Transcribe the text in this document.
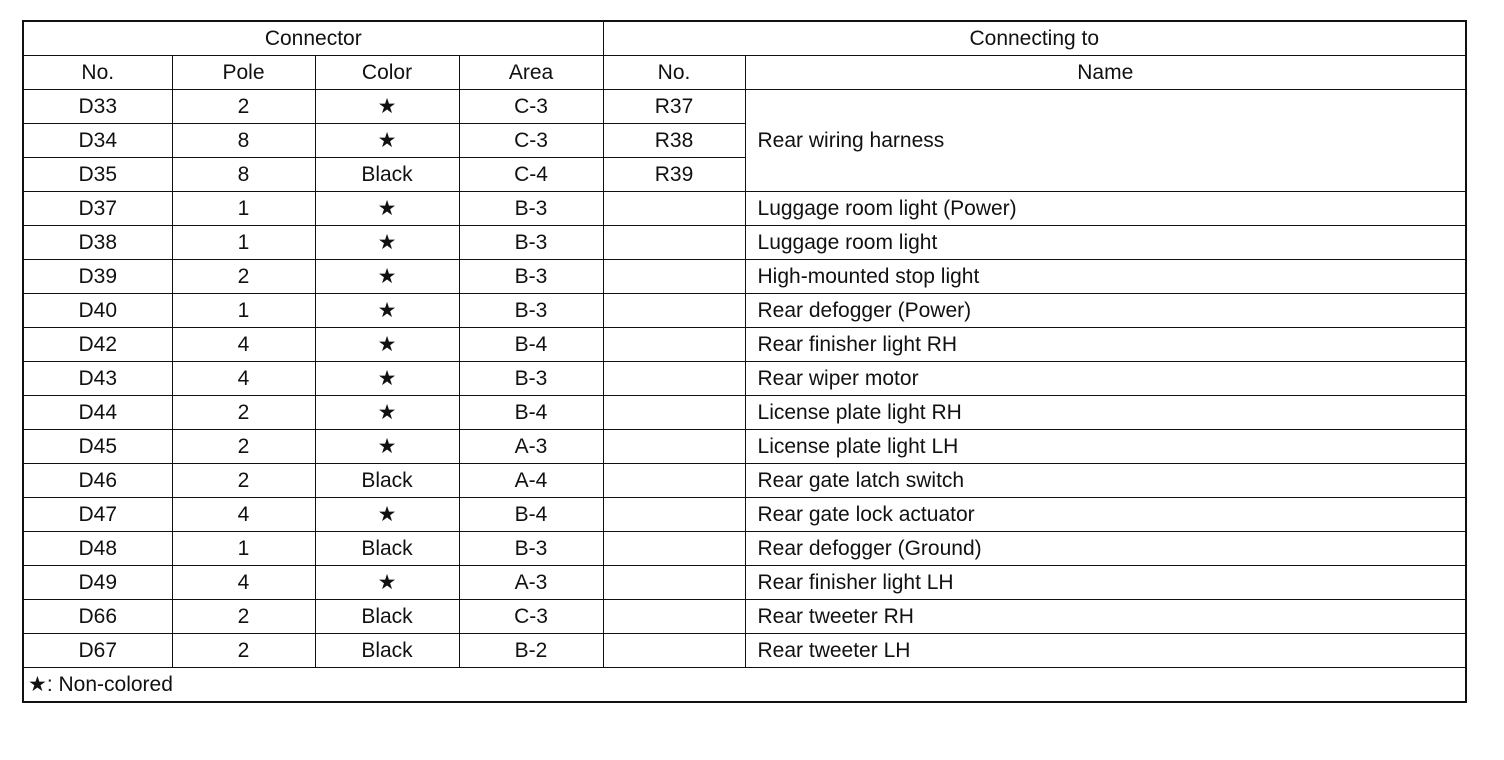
Connector				Connecting to	
No.	Pole	Color	Area	No.	Name
D33	2	★	C-3	R37	Rear wiring harness
D34	8	★	C-3	R38	
D35	8	Black	C-4	R39	
D37	1	★	B-3		Luggage room light (Power)
D38	1	★	B-3		Luggage room light
D39	2	★	B-3		High-mounted stop light
D40	1	★	B-3		Rear defogger (Power)
D42	4	★	B-4		Rear finisher light RH
D43	4	★	B-3		Rear wiper motor
D44	2	★	B-4		License plate light RH
D45	2	★	A-3		License plate light LH
D46	2	Black	A-4		Rear gate latch switch
D47	4	★	B-4		Rear gate lock actuator
D48	1	Black	B-3		Rear defogger (Ground)
D49	4	★	A-3		Rear finisher light LH
D66	2	Black	C-3		Rear tweeter RH
D67	2	Black	B-2		Rear tweeter LH
★: Non-colored					
